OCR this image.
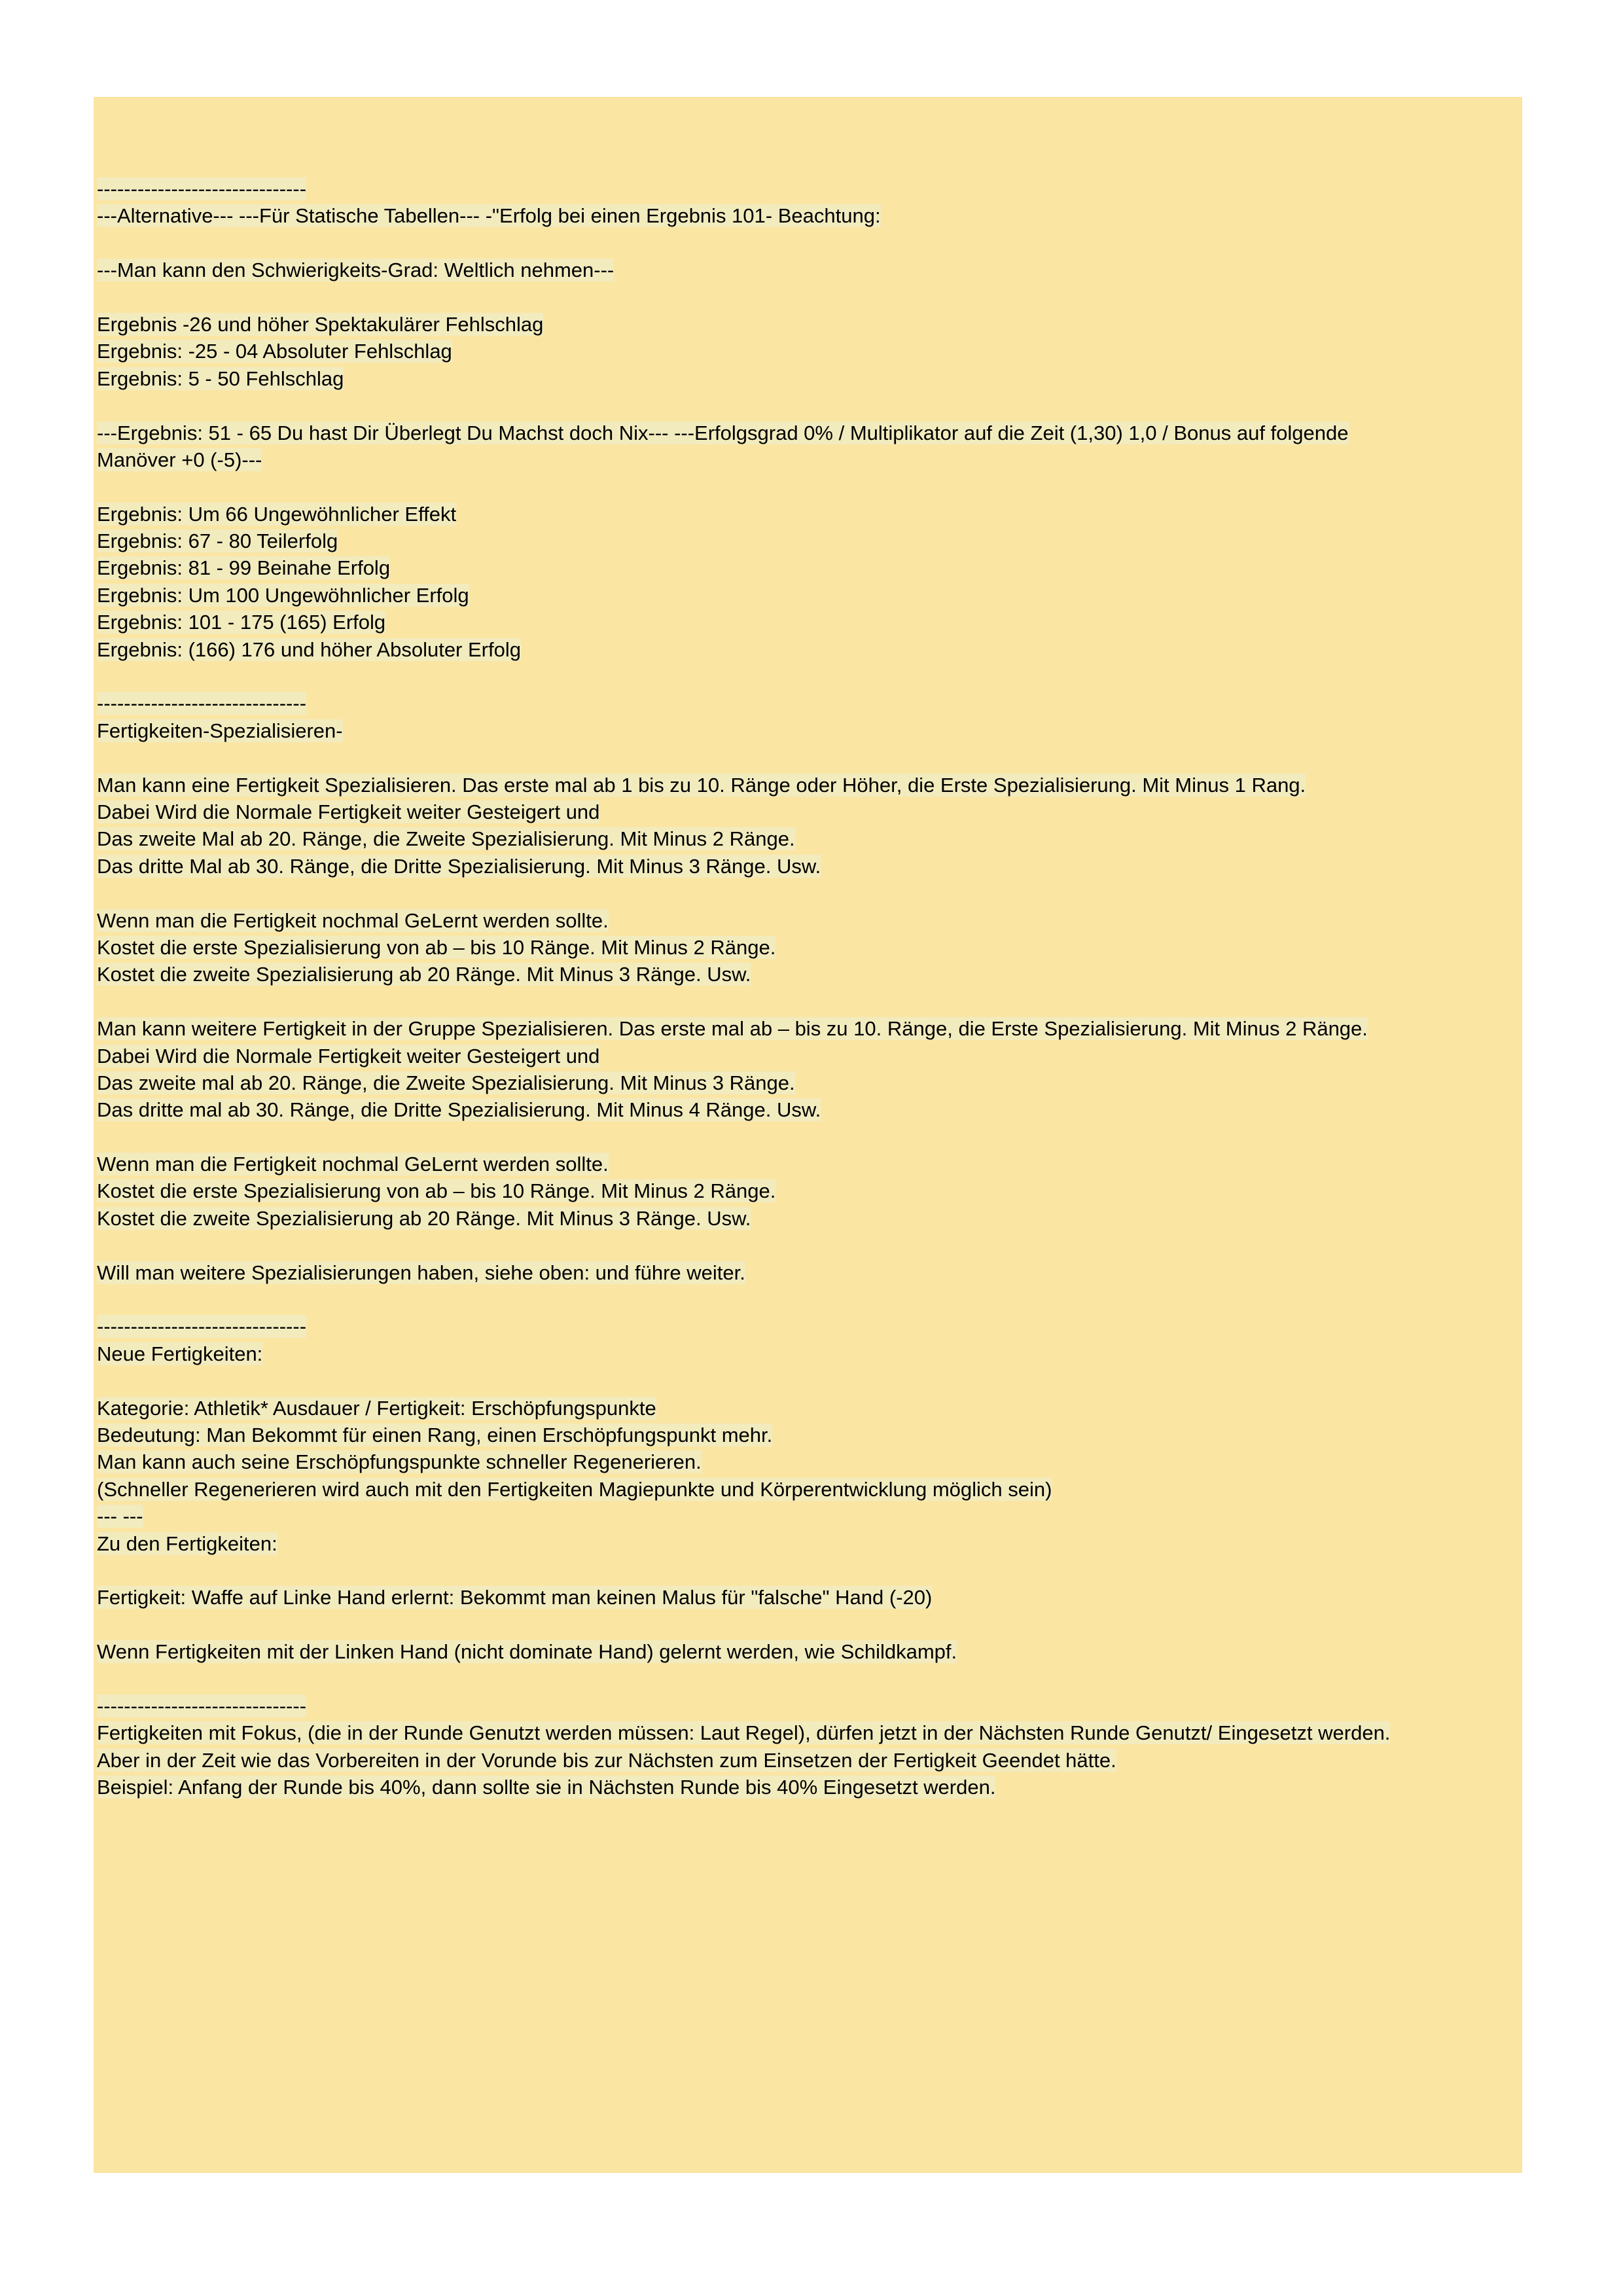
-------------------------------
---Alternative--- ---Für Statische Tabellen--- -"Erfolg bei einen Ergebnis 101- Beachtung:
---Man kann den Schwierigkeits-Grad: Weltlich nehmen---
Ergebnis -26 und höher Spektakulärer Fehlschlag
Ergebnis: -25 - 04 Absoluter Fehlschlag
Ergebnis: 5 - 50 Fehlschlag
---Ergebnis: 51 - 65 Du hast Dir Überlegt Du Machst doch Nix--- ---Erfolgsgrad 0% / Multiplikator auf die Zeit (1,30) 1,0 / Bonus auf folgende
Manöver +0 (-5)---
Ergebnis: Um 66 Ungewöhnlicher Effekt
Ergebnis: 67 - 80 Teilerfolg
Ergebnis: 81 - 99 Beinahe Erfolg
Ergebnis: Um 100 Ungewöhnlicher Erfolg
Ergebnis: 101 - 175 (165) Erfolg
Ergebnis: (166) 176 und höher Absoluter Erfolg
-------------------------------
Fertigkeiten-Spezialisieren-
Man kann eine Fertigkeit Spezialisieren. Das erste mal ab 1 bis zu 10. Ränge oder Höher, die Erste Spezialisierung. Mit Minus 1 Rang.
Dabei Wird die Normale Fertigkeit weiter Gesteigert und
Das zweite Mal ab 20. Ränge, die Zweite Spezialisierung. Mit Minus 2 Ränge.
Das dritte Mal ab 30. Ränge, die Dritte Spezialisierung. Mit Minus 3 Ränge. Usw.
Wenn man die Fertigkeit nochmal GeLernt werden sollte.
Kostet die erste Spezialisierung von ab – bis 10 Ränge. Mit Minus 2 Ränge.
Kostet die zweite Spezialisierung ab 20 Ränge. Mit Minus 3 Ränge. Usw.
Man kann weitere Fertigkeit in der Gruppe Spezialisieren. Das erste mal ab – bis zu 10. Ränge, die Erste Spezialisierung. Mit Minus 2 Ränge.
Dabei Wird die Normale Fertigkeit weiter Gesteigert und
Das zweite mal ab 20. Ränge, die Zweite Spezialisierung. Mit Minus 3 Ränge.
Das dritte mal ab 30. Ränge, die Dritte Spezialisierung. Mit Minus 4 Ränge. Usw.
Wenn man die Fertigkeit nochmal GeLernt werden sollte.
Kostet die erste Spezialisierung von ab – bis 10 Ränge. Mit Minus 2 Ränge.
Kostet die zweite Spezialisierung ab 20 Ränge. Mit Minus 3 Ränge. Usw.
Will man weitere Spezialisierungen haben, siehe oben: und führe weiter.
-------------------------------
Neue Fertigkeiten:
Kategorie: Athletik* Ausdauer / Fertigkeit: Erschöpfungspunkte
Bedeutung: Man Bekommt für einen Rang, einen Erschöpfungspunkt mehr.
Man kann auch seine Erschöpfungspunkte schneller Regenerieren.
(Schneller Regenerieren wird auch mit den Fertigkeiten Magiepunkte und Körperentwicklung möglich sein)
--- ---
Zu den Fertigkeiten:
Fertigkeit: Waffe auf Linke Hand erlernt: Bekommt man keinen Malus für "falsche" Hand (-20)
Wenn Fertigkeiten mit der Linken Hand (nicht dominate Hand) gelernt werden, wie Schildkampf.
-------------------------------
Fertigkeiten mit Fokus, (die in der Runde Genutzt werden müssen: Laut Regel), dürfen jetzt in der Nächsten Runde Genutzt/ Eingesetzt werden.
Aber in der Zeit wie das Vorbereiten in der Vorunde bis zur Nächsten zum Einsetzen der Fertigkeit Geendet hätte.
Beispiel: Anfang der Runde bis 40%, dann sollte sie in Nächsten Runde bis 40% Eingesetzt werden.
